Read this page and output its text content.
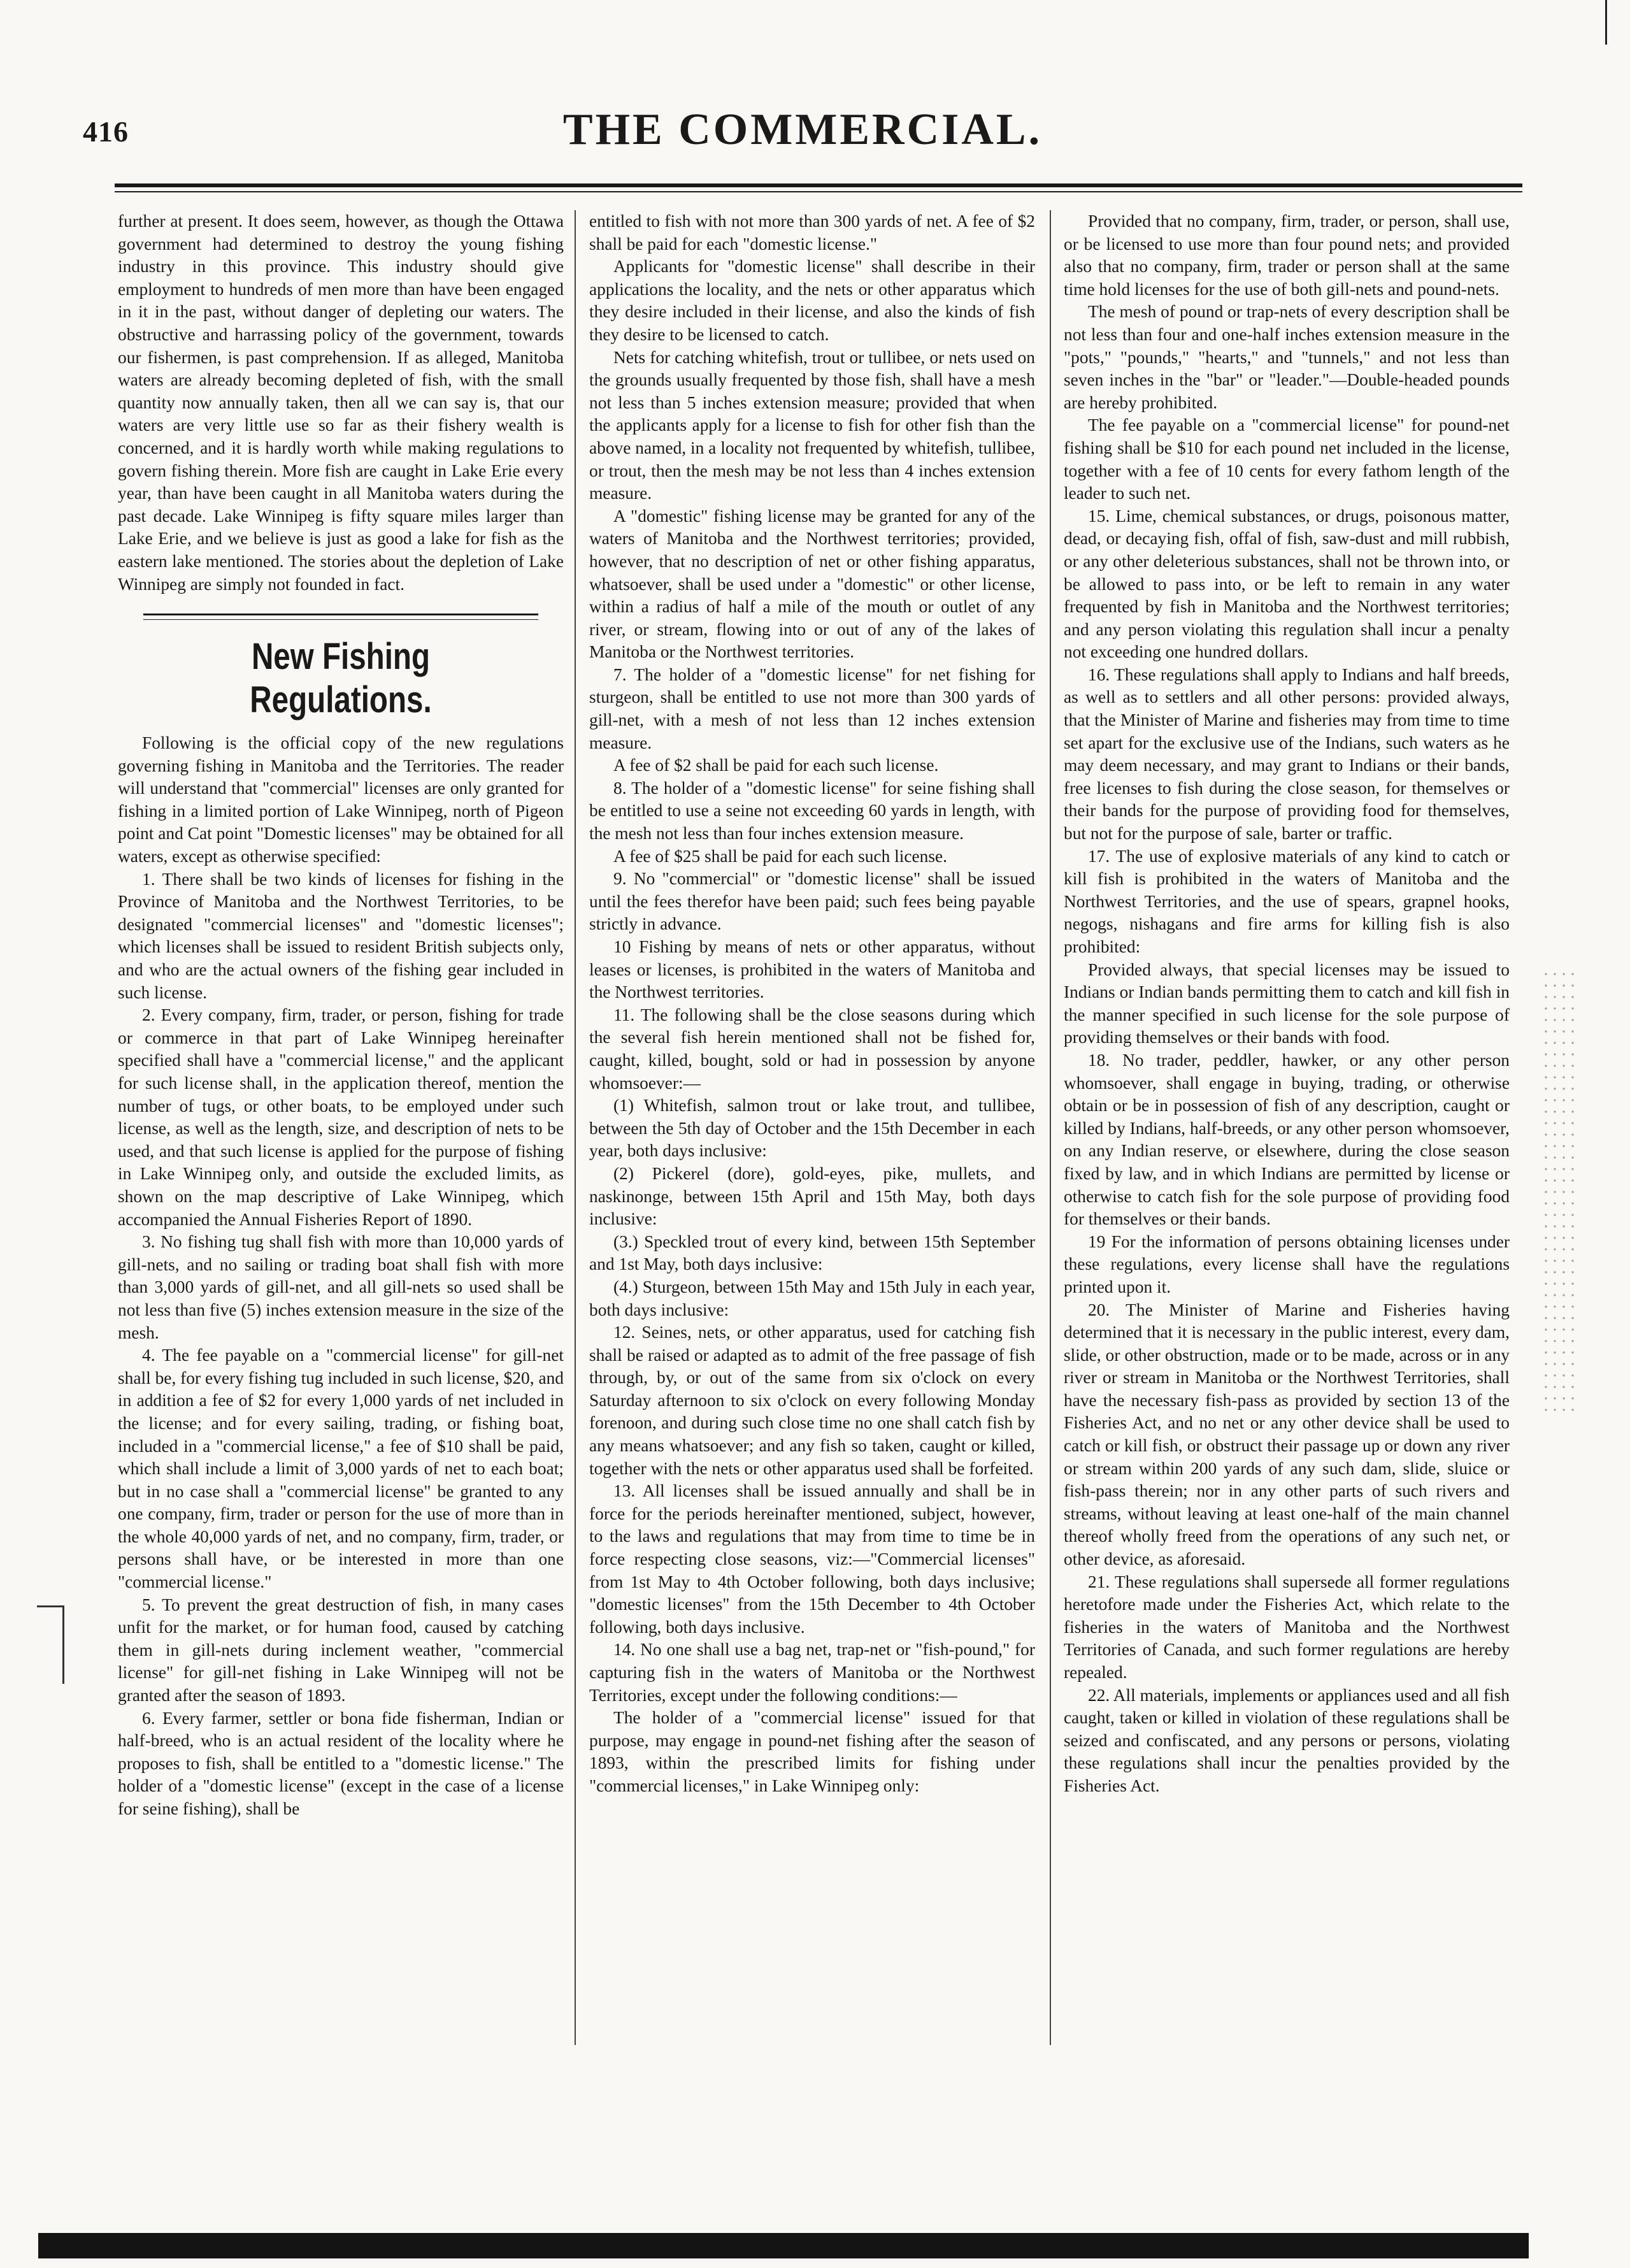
416	THE COMMERCIAL.

further at present. It does seem, however, as though the Ottawa government had determined to destroy the young fishing industry in this province. This industry should give employment to hundreds of men more than have been engaged in it in the past, without danger of depleting our waters. The obstructive and harrassing policy of the government, towards our fishermen, is past comprehension. If as alleged, Manitoba waters are already becoming depleted of fish, with the small quantity now annually taken, then all we can say is, that our waters are very little use so far as their fishery wealth is concerned, and it is hardly worth while making regulations to govern fishing therein. More fish are caught in Lake Erie every year, than have been caught in all Manitoba waters during the past decade. Lake Winnipeg is fifty square miles larger than Lake Erie, and we believe is just as good a lake for fish as the eastern lake mentioned. The stories about the depletion of Lake Winnipeg are simply not founded in fact.

New Fishing Regulations.

Following is the official copy of the new regulations governing fishing in Manitoba and the Territories. The reader will understand that "commercial" licenses are only granted for fishing in a limited portion of Lake Winnipeg, north of Pigeon point and Cat point "Domestic licenses" may be obtained for all waters, except as otherwise specified:

1. There shall be two kinds of licenses for fishing in the Province of Manitoba and the Northwest Territories, to be designated "commercial licenses" and "domestic licenses"; which licenses shall be issued to resident British subjects only, and who are the actual owners of the fishing gear included in such license.

2. Every company, firm, trader, or person, fishing for trade or commerce in that part of Lake Winnipeg hereinafter specified shall have a "commercial license," and the applicant for such license shall, in the application thereof, mention the number of tugs, or other boats, to be employed under such license, as well as the length, size, and description of nets to be used, and that such license is applied for the purpose of fishing in Lake Winnipeg only, and outside the excluded limits, as shown on the map descriptive of Lake Winnipeg, which accompanied the Annual Fisheries Report of 1890.

3. No fishing tug shall fish with more than 10,000 yards of gill-nets, and no sailing or trading boat shall fish with more than 3,000 yards of gill-net, and all gill-nets so used shall be not less than five (5) inches extension measure in the size of the mesh.

4. The fee payable on a "commercial license" for gill-net shall be, for every fishing tug included in such license, $20, and in addition a fee of $2 for every 1,000 yards of net included in the license; and for every sailing, trading, or fishing boat, included in a "commercial license," a fee of $10 shall be paid, which shall include a limit of 3,000 yards of net to each boat; but in no case shall a "commercial license" be granted to any one company, firm, trader or person for the use of more than in the whole 40,000 yards of net, and no company, firm, trader, or persons shall have, or be interested in more than one "commercial license."

5. To prevent the great destruction of fish, in many cases unfit for the market, or for human food, caused by catching them in gill-nets during inclement weather, "commercial license" for gill-net fishing in Lake Winnipeg will not be granted after the season of 1893.

6. Every farmer, settler or bona fide fisherman, Indian or half-breed, who is an actual resident of the locality where he proposes to fish, shall be entitled to a "domestic license." The holder of a "domestic license" (except in the case of a license for seine fishing), shall be

entitled to fish with not more than 300 yards of net. A fee of $2 shall be paid for each "domestic license."

Applicants for "domestic license" shall describe in their applications the locality, and the nets or other apparatus which they desire included in their license, and also the kinds of fish they desire to be licensed to catch.

Nets for catching whitefish, trout or tullibee, or nets used on the grounds usually frequented by those fish, shall have a mesh not less than 5 inches extension measure; provided that when the applicants apply for a license to fish for other fish than the above named, in a locality not frequented by whitefish, tullibee, or trout, then the mesh may be not less than 4 inches extension measure.

A "domestic" fishing license may be granted for any of the waters of Manitoba and the Northwest territories; provided, however, that no description of net or other fishing apparatus, whatsoever, shall be used under a "domestic" or other license, within a radius of half a mile of the mouth or outlet of any river, or stream, flowing into or out of any of the lakes of Manitoba or the Northwest territories.

7. The holder of a "domestic license" for net fishing for sturgeon, shall be entitled to use not more than 300 yards of gill-net, with a mesh of not less than 12 inches extension measure.

A fee of $2 shall be paid for each such license.

8. The holder of a "domestic license" for seine fishing shall be entitled to use a seine not exceeding 60 yards in length, with the mesh not less than four inches extension measure.

A fee of $25 shall be paid for each such license.

9. No "commercial" or "domestic license" shall be issued until the fees therefor have been paid; such fees being payable strictly in advance.

10 Fishing by means of nets or other apparatus, without leases or licenses, is prohibited in the waters of Manitoba and the Northwest territories.

11. The following shall be the close seasons during which the several fish herein mentioned shall not be fished for, caught, killed, bought, sold or had in possession by anyone whomsoever:—

(1) Whitefish, salmon trout or lake trout, and tullibee, between the 5th day of October and the 15th December in each year, both days inclusive:

(2) Pickerel (dore), gold-eyes, pike, mullets, and naskinonge, between 15th April and 15th May, both days inclusive:

(3.) Speckled trout of every kind, between 15th September and 1st May, both days inclusive:

(4.) Sturgeon, between 15th May and 15th July in each year, both days inclusive:

12. Seines, nets, or other apparatus, used for catching fish shall be raised or adapted as to admit of the free passage of fish through, by, or out of the same from six o'clock on every Saturday afternoon to six o'clock on every following Monday forenoon, and during such close time no one shall catch fish by any means whatsoever; and any fish so taken, caught or killed, together with the nets or other apparatus used shall be forfeited.

13. All licenses shall be issued annually and shall be in force for the periods hereinafter mentioned, subject, however, to the laws and regulations that may from time to time be in force respecting close seasons, viz:—"Commercial licenses" from 1st May to 4th October following, both days inclusive; "domestic licenses" from the 15th December to 4th October following, both days inclusive.

14. No one shall use a bag net, trap-net or "fish-pound," for capturing fish in the waters of Manitoba or the Northwest Territories, except under the following conditions:—

The holder of a "commercial license" issued for that purpose, may engage in pound-net fishing after the season of 1893, within the prescribed limits for fishing under "commercial licenses," in Lake Winnipeg only:

Provided that no company, firm, trader, or person, shall use, or be licensed to use more than four pound nets; and provided also that no company, firm, trader or person shall at the same time hold licenses for the use of both gill-nets and pound-nets.

The mesh of pound or trap-nets of every description shall be not less than four and one-half inches extension measure in the "pots," "pounds," "hearts," and "tunnels," and not less than seven inches in the "bar" or "leader."—Double-headed pounds are hereby prohibited.

The fee payable on a "commercial license" for pound-net fishing shall be $10 for each pound net included in the license, together with a fee of 10 cents for every fathom length of the leader to such net.

15. Lime, chemical substances, or drugs, poisonous matter, dead, or decaying fish, offal of fish, saw-dust and mill rubbish, or any other deleterious substances, shall not be thrown into, or be allowed to pass into, or be left to remain in any water frequented by fish in Manitoba and the Northwest territories; and any person violating this regulation shall incur a penalty not exceeding one hundred dollars.

16. These regulations shall apply to Indians and half breeds, as well as to settlers and all other persons: provided always, that the Minister of Marine and fisheries may from time to time set apart for the exclusive use of the Indians, such waters as he may deem necessary, and may grant to Indians or their bands, free licenses to fish during the close season, for themselves or their bands for the purpose of providing food for themselves, but not for the purpose of sale, barter or traffic.

17. The use of explosive materials of any kind to catch or kill fish is prohibited in the waters of Manitoba and the Northwest Territories, and the use of spears, grapnel hooks, negogs, nishagans and fire arms for killing fish is also prohibited:

Provided always, that special licenses may be issued to Indians or Indian bands permitting them to catch and kill fish in the manner specified in such license for the sole purpose of providing themselves or their bands with food.

18. No trader, peddler, hawker, or any other person whomsoever, shall engage in buying, trading, or otherwise obtain or be in possession of fish of any description, caught or killed by Indians, half-breeds, or any other person whomsoever, on any Indian reserve, or elsewhere, during the close season fixed by law, and in which Indians are permitted by license or otherwise to catch fish for the sole purpose of providing food for themselves or their bands.

19 For the information of persons obtaining licenses under these regulations, every license shall have the regulations printed upon it.

20. The Minister of Marine and Fisheries having determined that it is necessary in the public interest, every dam, slide, or other obstruction, made or to be made, across or in any river or stream in Manitoba or the Northwest Territories, shall have the necessary fish-pass as provided by section 13 of the Fisheries Act, and no net or any other device shall be used to catch or kill fish, or obstruct their passage up or down any river or stream within 200 yards of any such dam, slide, sluice or fish-pass therein; nor in any other parts of such rivers and streams, without leaving at least one-half of the main channel thereof wholly freed from the operations of any such net, or other device, as aforesaid.

21. These regulations shall supersede all former regulations heretofore made under the Fisheries Act, which relate to the fisheries in the waters of Manitoba and the Northwest Territories of Canada, and such former regulations are hereby repealed.

22. All materials, implements or appliances used and all fish caught, taken or killed in violation of these regulations shall be seized and confiscated, and any persons or persons, violating these regulations shall incur the penalties provided by the Fisheries Act.
